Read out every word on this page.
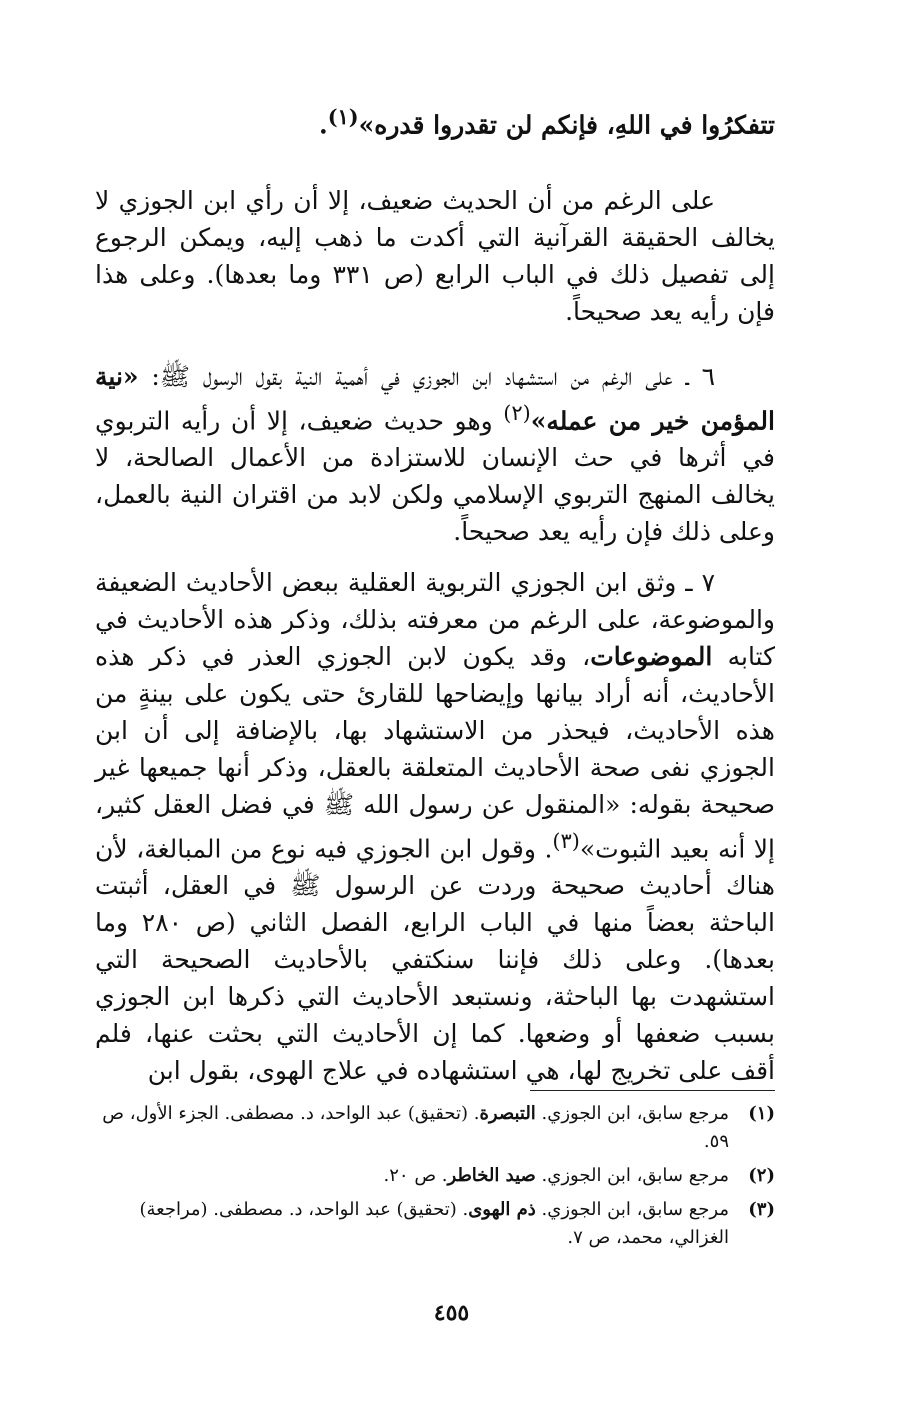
تتفكرُوا في اللهِ، فإنكم لن تقدروا قدره»$^{(١)}$.
على الرغم من أن الحديث ضعيف، إلا أن رأي ابن الجوزي لا يخالف الحقيقة القرآنية التي أكدت ما ذهب إليه، ويمكن الرجوع إلى تفصيل ذلك في الباب الرابع (ص ٣٣١ وما بعدها). وعلى هذا فإن رأيه يعد صحيحاً.
٦ ـ على الرغم من استشهاد ابن الجوزي في أهمية النية بقول الرسول ﷺ: «نية المؤمن خير من عمله»$^{(٢)}$ وهو حديث ضعيف، إلا أن رأيه التربوي في أثرها في حث الإنسان للاستزادة من الأعمال الصالحة، لا يخالف المنهج التربوي الإسلامي ولكن لابد من اقتران النية بالعمل، وعلى ذلك فإن رأيه يعد صحيحاً.
٧ ـ وثق ابن الجوزي التربوية العقلية ببعض الأحاديث الضعيفة والموضوعة، على الرغم من معرفته بذلك، وذكر هذه الأحاديث في كتابه الموضوعات، وقد يكون لابن الجوزي العذر في ذكر هذه الأحاديث، أنه أراد بيانها وإيضاحها للقارئ حتى يكون على بينةٍ من هذه الأحاديث، فيحذر من الاستشهاد بها، بالإضافة إلى أن ابن الجوزي نفى صحة الأحاديث المتعلقة بالعقل، وذكر أنها جميعها غير صحيحة بقوله: «المنقول عن رسول الله ﷺ في فضل العقل كثير، إلا أنه بعيد الثبوت»$^{(٣)}$. وقول ابن الجوزي فيه نوع من المبالغة، لأن هناك أحاديث صحيحة وردت عن الرسول ﷺ في العقل، أثبتت الباحثة بعضاً منها في الباب الرابع، الفصل الثاني (ص ٢٨٠ وما بعدها). وعلى ذلك فإننا سنكتفي بالأحاديث الصحيحة التي استشهدت بها الباحثة، ونستبعد الأحاديث التي ذكرها ابن الجوزي بسبب ضعفها أو وضعها. كما إن الأحاديث التي بحثت عنها، فلم أقف على تخريج لها، هي استشهاده في علاج الهوى، بقول ابن
(١)
مرجع سابق، ابن الجوزي. التبصرة. (تحقيق) عبد الواحد، د. مصطفى. الجزء الأول، ص ٥٩.
(٢)
مرجع سابق، ابن الجوزي. صيد الخاطر. ص ٢٠.
(٣)
مرجع سابق، ابن الجوزي. ذم الهوى. (تحقيق) عبد الواحد، د. مصطفى. (مراجعة) الغزالي، محمد، ص ٧.
٤٥٥
